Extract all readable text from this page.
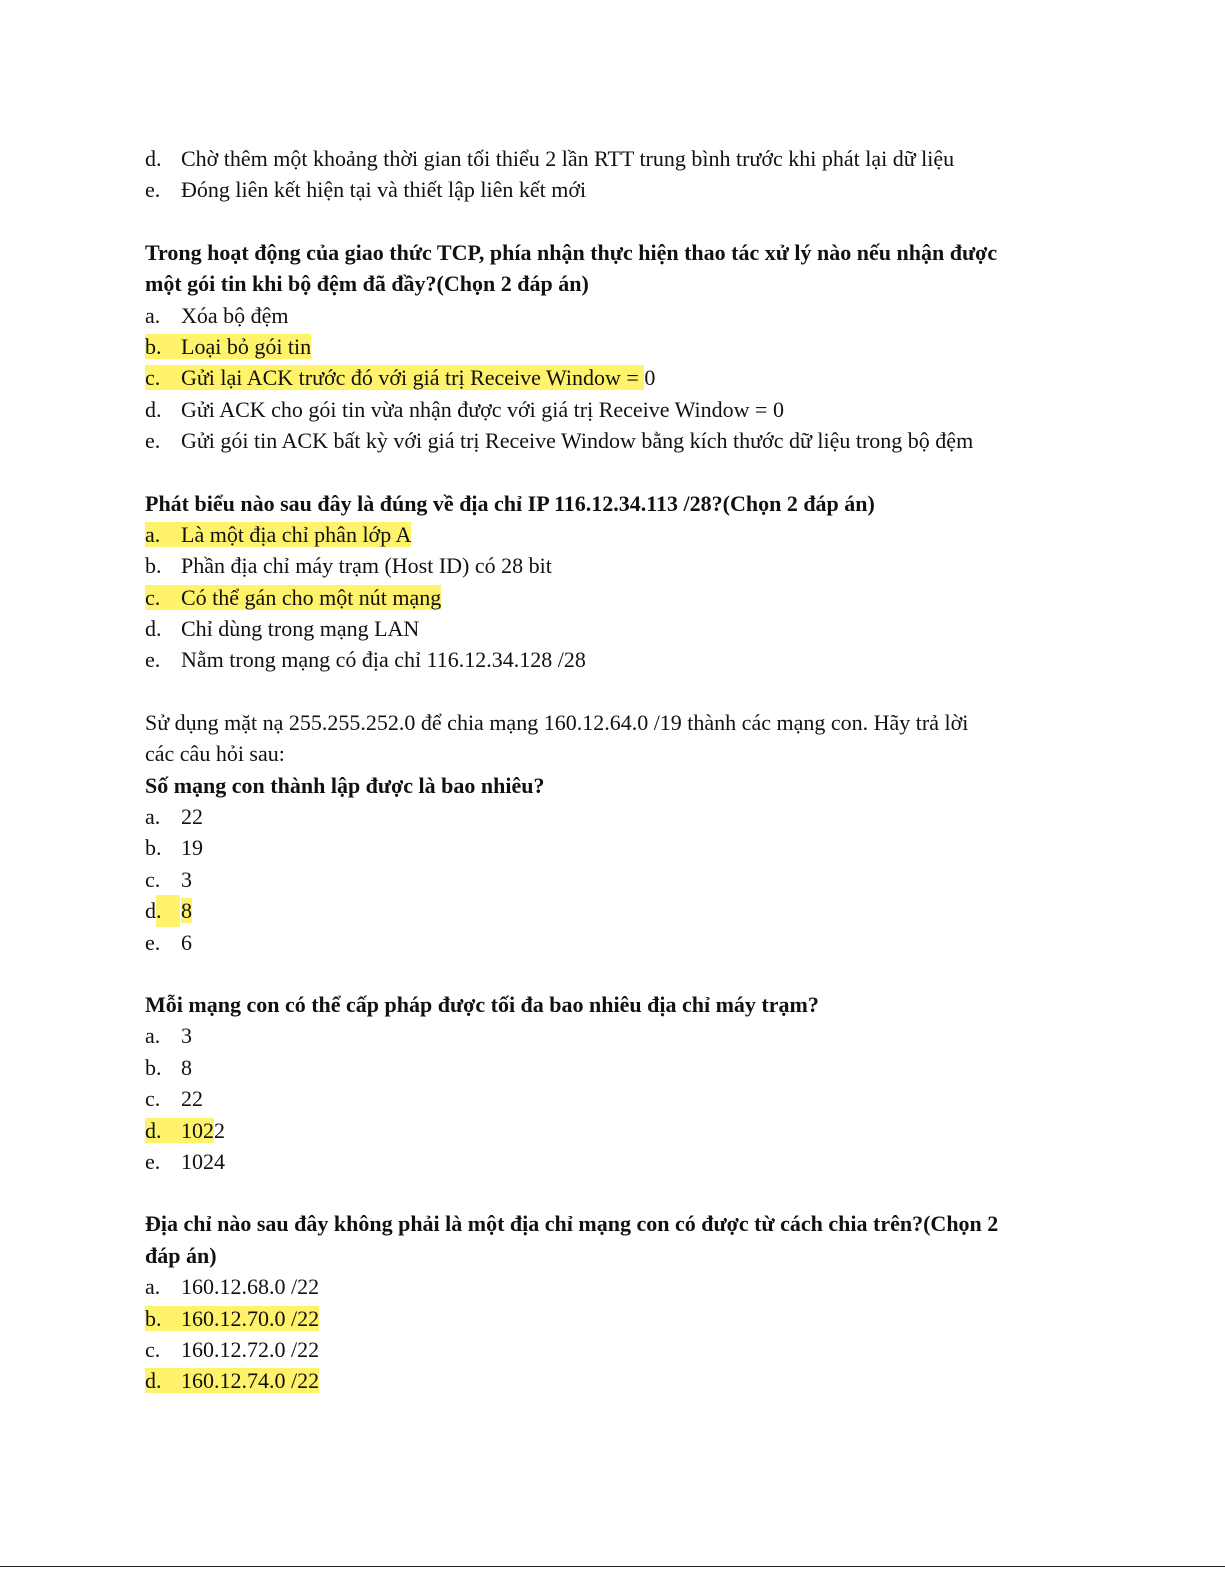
d. Chờ thêm một khoảng thời gian tối thiểu 2 lần RTT trung bình trước khi phát lại dữ liệu
e. Đóng liên kết hiện tại và thiết lập liên kết mới
Trong hoạt động của giao thức TCP, phía nhận thực hiện thao tác xử lý nào nếu nhận được
một gói tin khi bộ đệm đã đầy?(Chọn 2 đáp án)
a. Xóa bộ đệm
b. Loại bỏ gói tin
c. Gửi lại ACK trước đó với giá trị Receive Window = 0
d. Gửi ACK cho gói tin vừa nhận được với giá trị Receive Window = 0
e. Gửi gói tin ACK bất kỳ với giá trị Receive Window bằng kích thước dữ liệu trong bộ đệm
Phát biểu nào sau đây là đúng về địa chỉ IP 116.12.34.113 /28?(Chọn 2 đáp án)
a. Là một địa chỉ phân lớp A
b. Phần địa chỉ máy trạm (Host ID) có 28 bit
c. Có thể gán cho một nút mạng
d. Chỉ dùng trong mạng LAN
e. Nằm trong mạng có địa chỉ 116.12.34.128 /28
Sử dụng mặt nạ 255.255.252.0 để chia mạng 160.12.64.0 /19 thành các mạng con. Hãy trả lời
các câu hỏi sau:
Số mạng con thành lập được là bao nhiêu?
a. 22
b. 19
c. 3
d. 8
e. 6
Mỗi mạng con có thể cấp pháp được tối đa bao nhiêu địa chỉ máy trạm?
a. 3
b. 8
c. 22
d. 1022
e. 1024
Địa chỉ nào sau đây không phải là một địa chỉ mạng con có được từ cách chia trên?(Chọn 2
đáp án)
a. 160.12.68.0 /22
b. 160.12.70.0 /22
c. 160.12.72.0 /22
d. 160.12.74.0 /22
